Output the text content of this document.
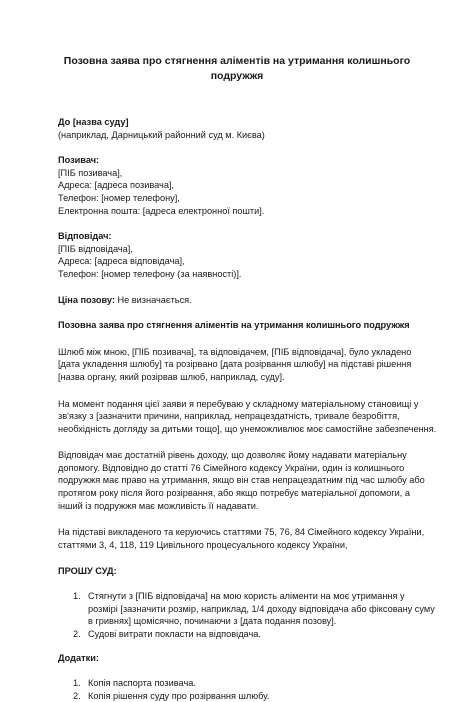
Позовна заява про стягнення аліментів на утримання колишнього
подружжя
До [назва суду]
(наприклад, Дарницький районний суд м. Києва)
Позивач:
[ПІБ позивача],
Адреса: [адреса позивача],
Телефон: [номер телефону],
Електронна пошта: [адреса електронної пошти].
Відповідач:
[ПІБ відповідача],
Адреса: [адреса відповідача],
Телефон: [номер телефону (за наявності)].
Ціна позову: Не визначається.
Позовна заява про стягнення аліментів на утримання колишнього подружжя
Шлюб між мною, [ПІБ позивача], та відповідачем, [ПІБ відповідача], було укладено
[дата укладення шлюбу] та розірвано [дата розірвання шлюбу] на підставі рішення
[назва органу, який розірвав шлюб, наприклад, суду].
На момент подання цієї заяви я перебуваю у складному матеріальному становищі у
зв'язку з [зазначити причини, наприклад, непрацездатність, тривале безробіття,
необхідність догляду за дитьми тощо], що унеможливлює моє самостійне забезпечення.
Відповідач має достатній рівень доходу, що дозволяє йому надавати матеріальну
допомогу. Відповідно до статті 76 Сімейного кодексу України, один із колишнього
подружжя має право на утримання, якщо він став непрацездатним під час шлюбу або
протягом року після його розірвання, або якщо потребує матеріальної допомоги, а
інший із подружжя має можливість її надавати.
На підставі викладеного та керуючись статтями 75, 76, 84 Сімейного кодексу України,
статтями 3, 4, 118, 119 Цивільного процесуального кодексу України,
ПРОШУ СУД:
1. Стягнути з [ПІБ відповідача] на мою користь аліменти на моє утримання у
розмірі [зазначити розмір, наприклад, 1/4 доходу відповідача або фіксовану суму
в гривнях] щомісячно, починаючи з [дата подання позову].
2. Судові витрати покласти на відповідача.
Додатки:
1. Копія паспорта позивача.
2. Копія рішення суду про розірвання шлюбу.
